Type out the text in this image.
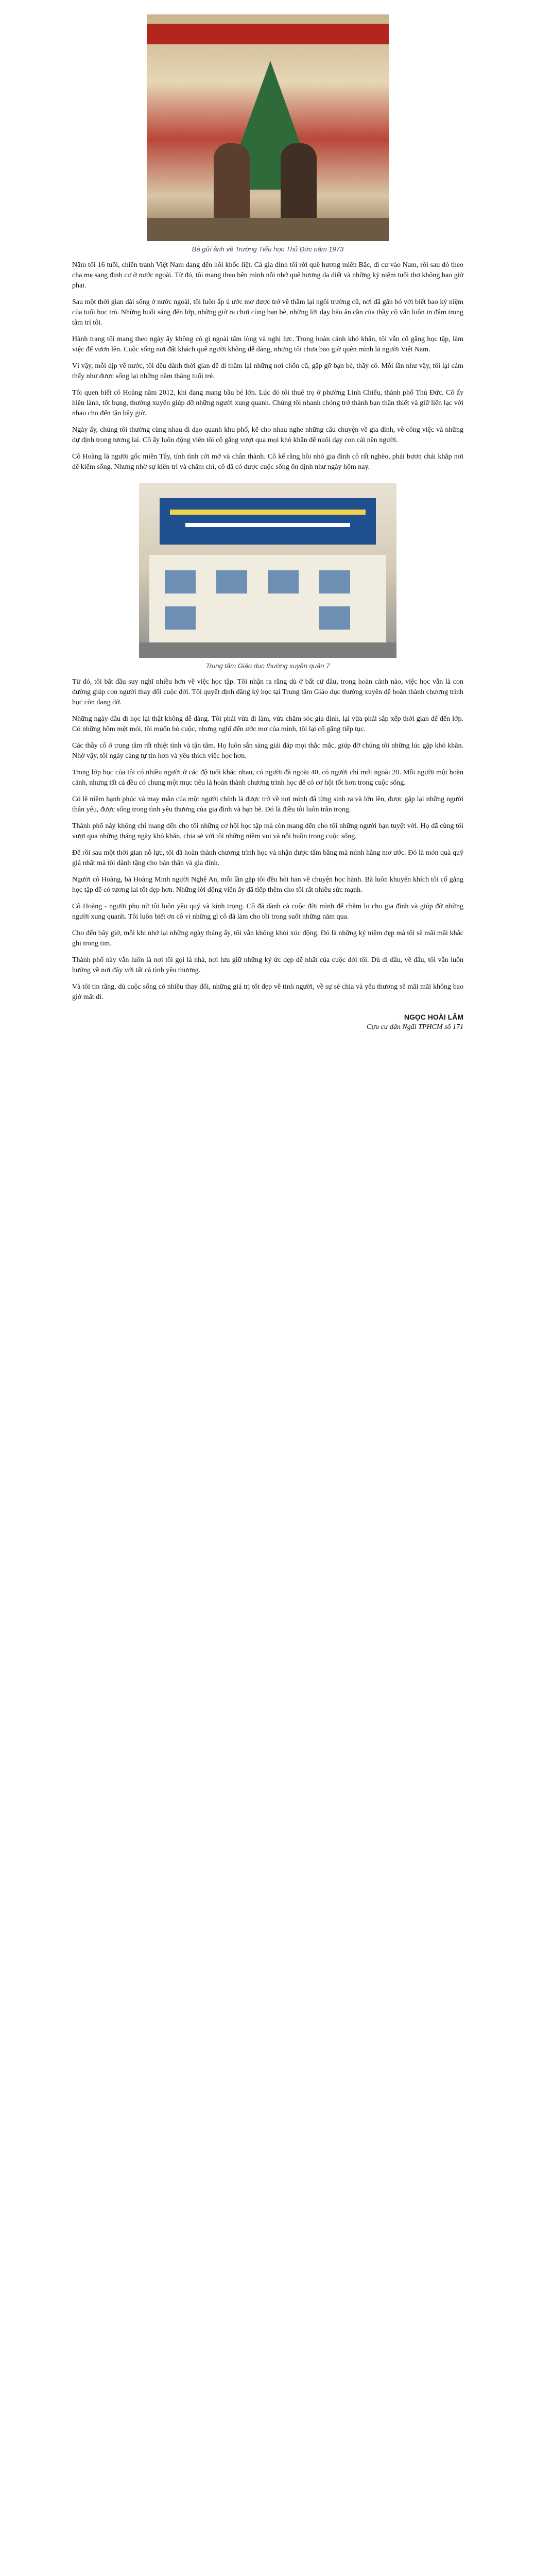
Bà gửi ảnh về Trường Tiểu học Thủ Đức năm 1973

Năm tôi 16 tuổi, chiến tranh Việt Nam đang đến hồi khốc liệt. Cả gia đình tôi rời quê hương miền Bắc, di cư vào Nam, rồi sau đó theo cha mẹ sang định cư ở nước ngoài. Từ đó, tôi mang theo bên mình nỗi nhớ quê hương da diết và những kỷ niệm tuổi thơ không bao giờ phai.

Sau một thời gian dài sống ở nước ngoài, tôi luôn ấp ủ ước mơ được trở về thăm lại ngôi trường cũ, nơi đã gắn bó với biết bao kỷ niệm của tuổi học trò. Những buổi sáng đến lớp, những giờ ra chơi cùng bạn bè, những lời dạy bảo ân cần của thầy cô vẫn luôn in đậm trong tâm trí tôi.

Hành trang tôi mang theo ngày ấy không có gì ngoài tấm lòng và nghị lực. Trong hoàn cảnh khó khăn, tôi vẫn cố gắng học tập, làm việc để vươn lên. Cuộc sống nơi đất khách quê người không dễ dàng, nhưng tôi chưa bao giờ quên mình là người Việt Nam.

Vì vậy, mỗi dịp về nước, tôi đều dành thời gian để đi thăm lại những nơi chốn cũ, gặp gỡ bạn bè, thầy cô. Mỗi lần như vậy, tôi lại cảm thấy như được sống lại những năm tháng tuổi trẻ.

Tôi quen biết cô Hoàng năm 2012, khi đang mang bầu bé lớn. Lúc đó tôi thuê trọ ở phường Linh Chiểu, thành phố Thủ Đức. Cô ấy hiền lành, tốt bụng, thường xuyên giúp đỡ những người xung quanh. Chúng tôi nhanh chóng trở thành bạn thân thiết và giữ liên lạc với nhau cho đến tận bây giờ.

Ngày ấy, chúng tôi thường cùng nhau đi dạo quanh khu phố, kể cho nhau nghe những câu chuyện về gia đình, về công việc và những dự định trong tương lai. Cô ấy luôn động viên tôi cố gắng vượt qua mọi khó khăn để nuôi dạy con cái nên người.

Cô Hoàng là người gốc miền Tây, tính tình cởi mở và chân thành. Cô kể rằng hồi nhỏ gia đình cô rất nghèo, phải bươn chải khắp nơi để kiếm sống. Nhưng nhờ sự kiên trì và chăm chỉ, cô đã có được cuộc sống ổn định như ngày hôm nay.

Trung tâm Giáo dục thường xuyên quận 7

Từ đó, tôi bắt đầu suy nghĩ nhiều hơn về việc học tập. Tôi nhận ra rằng dù ở bất cứ đâu, trong hoàn cảnh nào, việc học vẫn là con đường giúp con người thay đổi cuộc đời. Tôi quyết định đăng ký học tại Trung tâm Giáo dục thường xuyên để hoàn thành chương trình học còn dang dở.

Những ngày đầu đi học lại thật không dễ dàng. Tôi phải vừa đi làm, vừa chăm sóc gia đình, lại vừa phải sắp xếp thời gian để đến lớp. Có những hôm mệt mỏi, tôi muốn bỏ cuộc, nhưng nghĩ đến ước mơ của mình, tôi lại cố gắng tiếp tục.

Các thầy cô ở trung tâm rất nhiệt tình và tận tâm. Họ luôn sẵn sàng giải đáp mọi thắc mắc, giúp đỡ chúng tôi những lúc gặp khó khăn. Nhờ vậy, tôi ngày càng tự tin hơn và yêu thích việc học hơn.

Trong lớp học của tôi có nhiều người ở các độ tuổi khác nhau, có người đã ngoài 40, có người chỉ mới ngoài 20. Mỗi người một hoàn cảnh, nhưng tất cả đều có chung một mục tiêu là hoàn thành chương trình học để có cơ hội tốt hơn trong cuộc sống.

Có lẽ niềm hạnh phúc và may mắn của một người chính là được trở về nơi mình đã từng sinh ra và lớn lên, được gặp lại những người thân yêu, được sống trong tình yêu thương của gia đình và bạn bè. Đó là điều tôi luôn trân trọng.

Thành phố này không chỉ mang đến cho tôi những cơ hội học tập mà còn mang đến cho tôi những người bạn tuyệt vời. Họ đã cùng tôi vượt qua những tháng ngày khó khăn, chia sẻ với tôi những niềm vui và nỗi buồn trong cuộc sống.

Để rồi sau một thời gian nỗ lực, tôi đã hoàn thành chương trình học và nhận được tấm bằng mà mình hằng mơ ước. Đó là món quà quý giá nhất mà tôi dành tặng cho bản thân và gia đình.

Người cô Hoàng, bà Hoàng Minh người Nghệ An, mỗi lần gặp tôi đều hỏi han về chuyện học hành. Bà luôn khuyến khích tôi cố gắng học tập để có tương lai tốt đẹp hơn. Những lời động viên ấy đã tiếp thêm cho tôi rất nhiều sức mạnh.

Cô Hoàng - người phụ nữ tôi luôn yêu quý và kính trọng. Cô đã dành cả cuộc đời mình để chăm lo cho gia đình và giúp đỡ những người xung quanh. Tôi luôn biết ơn cô vì những gì cô đã làm cho tôi trong suốt những năm qua.

Cho đến bây giờ, mỗi khi nhớ lại những ngày tháng ấy, tôi vẫn không khỏi xúc động. Đó là những kỷ niệm đẹp mà tôi sẽ mãi mãi khắc ghi trong tim.

Thành phố này vẫn luôn là nơi tôi gọi là nhà, nơi lưu giữ những ký ức đẹp đẽ nhất của cuộc đời tôi. Dù đi đâu, về đâu, tôi vẫn luôn hướng về nơi đây với tất cả tình yêu thương.

Và tôi tin rằng, dù cuộc sống có nhiều thay đổi, những giá trị tốt đẹp về tình người, về sự sẻ chia và yêu thương sẽ mãi mãi không bao giờ mất đi.

NGỌC HOÀI LÂM
Cựu cư dân Ngãi TPHCM số 171
